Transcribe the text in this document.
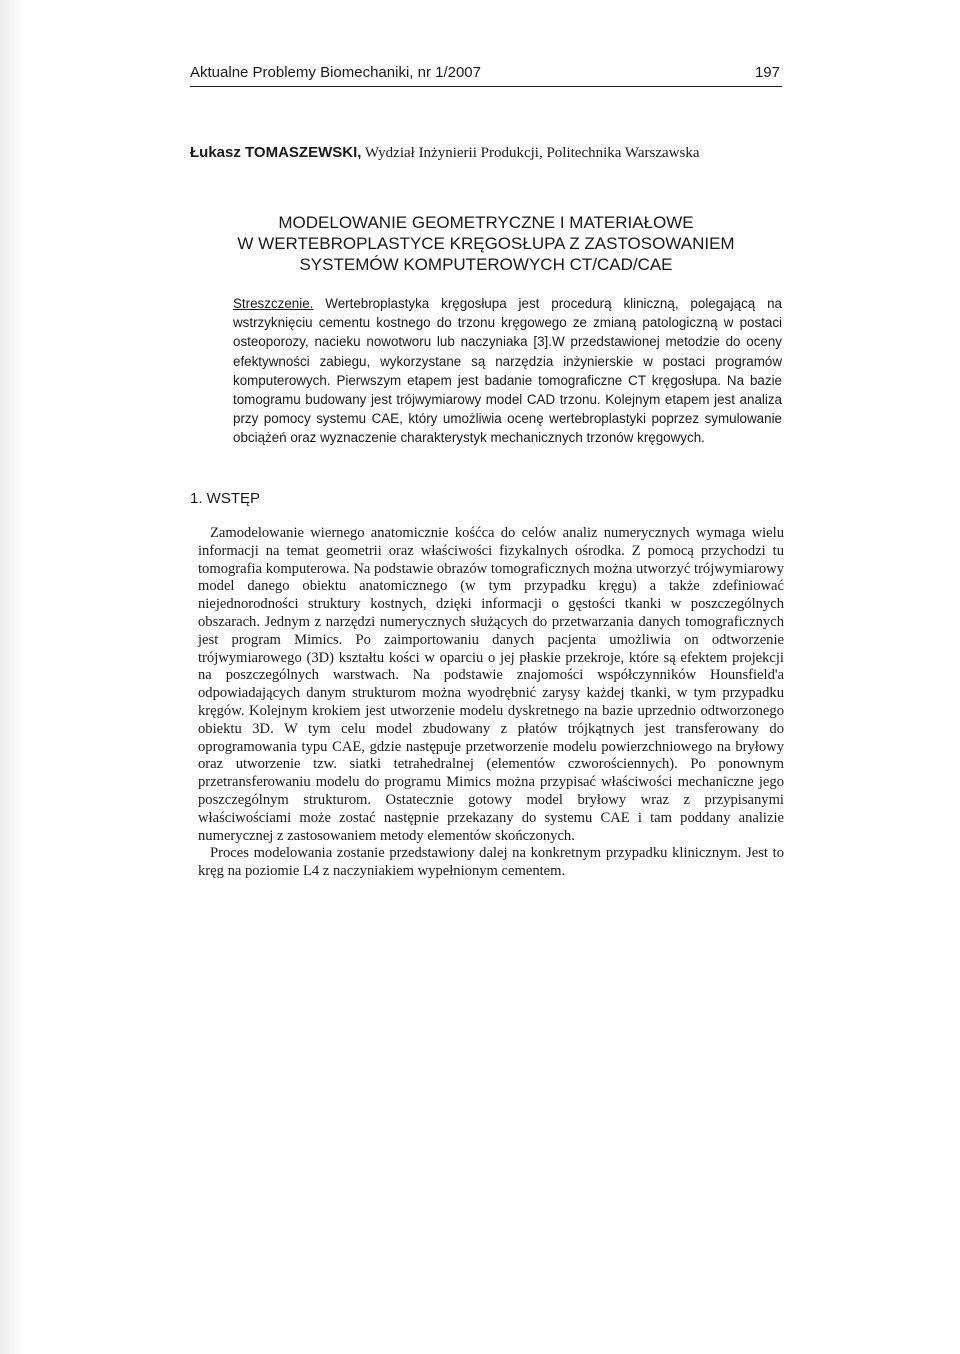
Aktualne Problemy Biomechaniki, nr 1/2007	197
Łukasz TOMASZEWSKI, Wydział Inżynierii Produkcji, Politechnika Warszawska
MODELOWANIE GEOMETRYCZNE I MATERIAŁOWE
W WERTEBROPLASTYCE KRĘGOSŁUPA Z ZASTOSOWANIEM
SYSTEMÓW KOMPUTEROWYCH CT/CAD/CAE
Streszczenie. Wertebroplastyka kręgosłupa jest procedurą kliniczną, polegającą na wstrzyknięciu cementu kostnego do trzonu kręgowego ze zmianą patologiczną w postaci osteoporozy, nacieku nowotworu lub naczyniaka [3].W przedstawionej metodzie do oceny efektywności zabiegu, wykorzystane są narzędzia inżynierskie w postaci programów komputerowych. Pierwszym etapem jest badanie tomograficzne CT kręgosłupa. Na bazie tomogramu budowany jest trójwymiarowy model CAD trzonu. Kolejnym etapem jest analiza przy pomocy systemu CAE, który umożliwia ocenę wertebroplastyki poprzez symulowanie obciążeń oraz wyznaczenie charakterystyk mechanicznych trzonów kręgowych.
1. WSTĘP

Zamodelowanie wiernego anatomicznie kośćca do celów analiz numerycznych wymaga wielu informacji na temat geometrii oraz właściwości fizykalnych ośrodka. Z pomocą przychodzi tu tomografia komputerowa. Na podstawie obrazów tomograficznych można utworzyć trójwymiarowy model danego obiektu anatomicznego (w tym przypadku kręgu) a także zdefiniować niejednorodności struktury kostnych, dzięki informacji o gęstości tkanki w poszczególnych obszarach. Jednym z narzędzi numerycznych służących do przetwarzania danych tomograficznych jest program Mimics. Po zaimportowaniu danych pacjenta umożliwia on odtworzenie trójwymiarowego (3D) kształtu kości w oparciu o jej płaskie przekroje, które są efektem projekcji na poszczególnych warstwach. Na podstawie znajomości współczynników Hounsfield'a odpowiadających danym strukturom można wyodrębnić zarysy każdej tkanki, w tym przypadku kręgów. Kolejnym krokiem jest utworzenie modelu dyskretnego na bazie uprzednio odtworzonego obiektu 3D. W tym celu model zbudowany z płatów trójkątnych jest transferowany do oprogramowania typu CAE, gdzie następuje przetworzenie modelu powierzchniowego na bryłowy oraz utworzenie tzw. siatki tetrahedralnej (elementów czworościennych). Po ponownym przetransferowaniu modelu do programu Mimics można przypisać właściwości mechaniczne jego poszczególnym strukturom. Ostatecznie gotowy model bryłowy wraz z przypisanymi właściwościami może zostać następnie przekazany do systemu CAE i tam poddany analizie numerycznej z zastosowaniem metody elementów skończonych.

Proces modelowania zostanie przedstawiony dalej na konkretnym przypadku klinicznym. Jest to kręg na poziomie L4 z naczyniakiem wypełnionym cementem.
